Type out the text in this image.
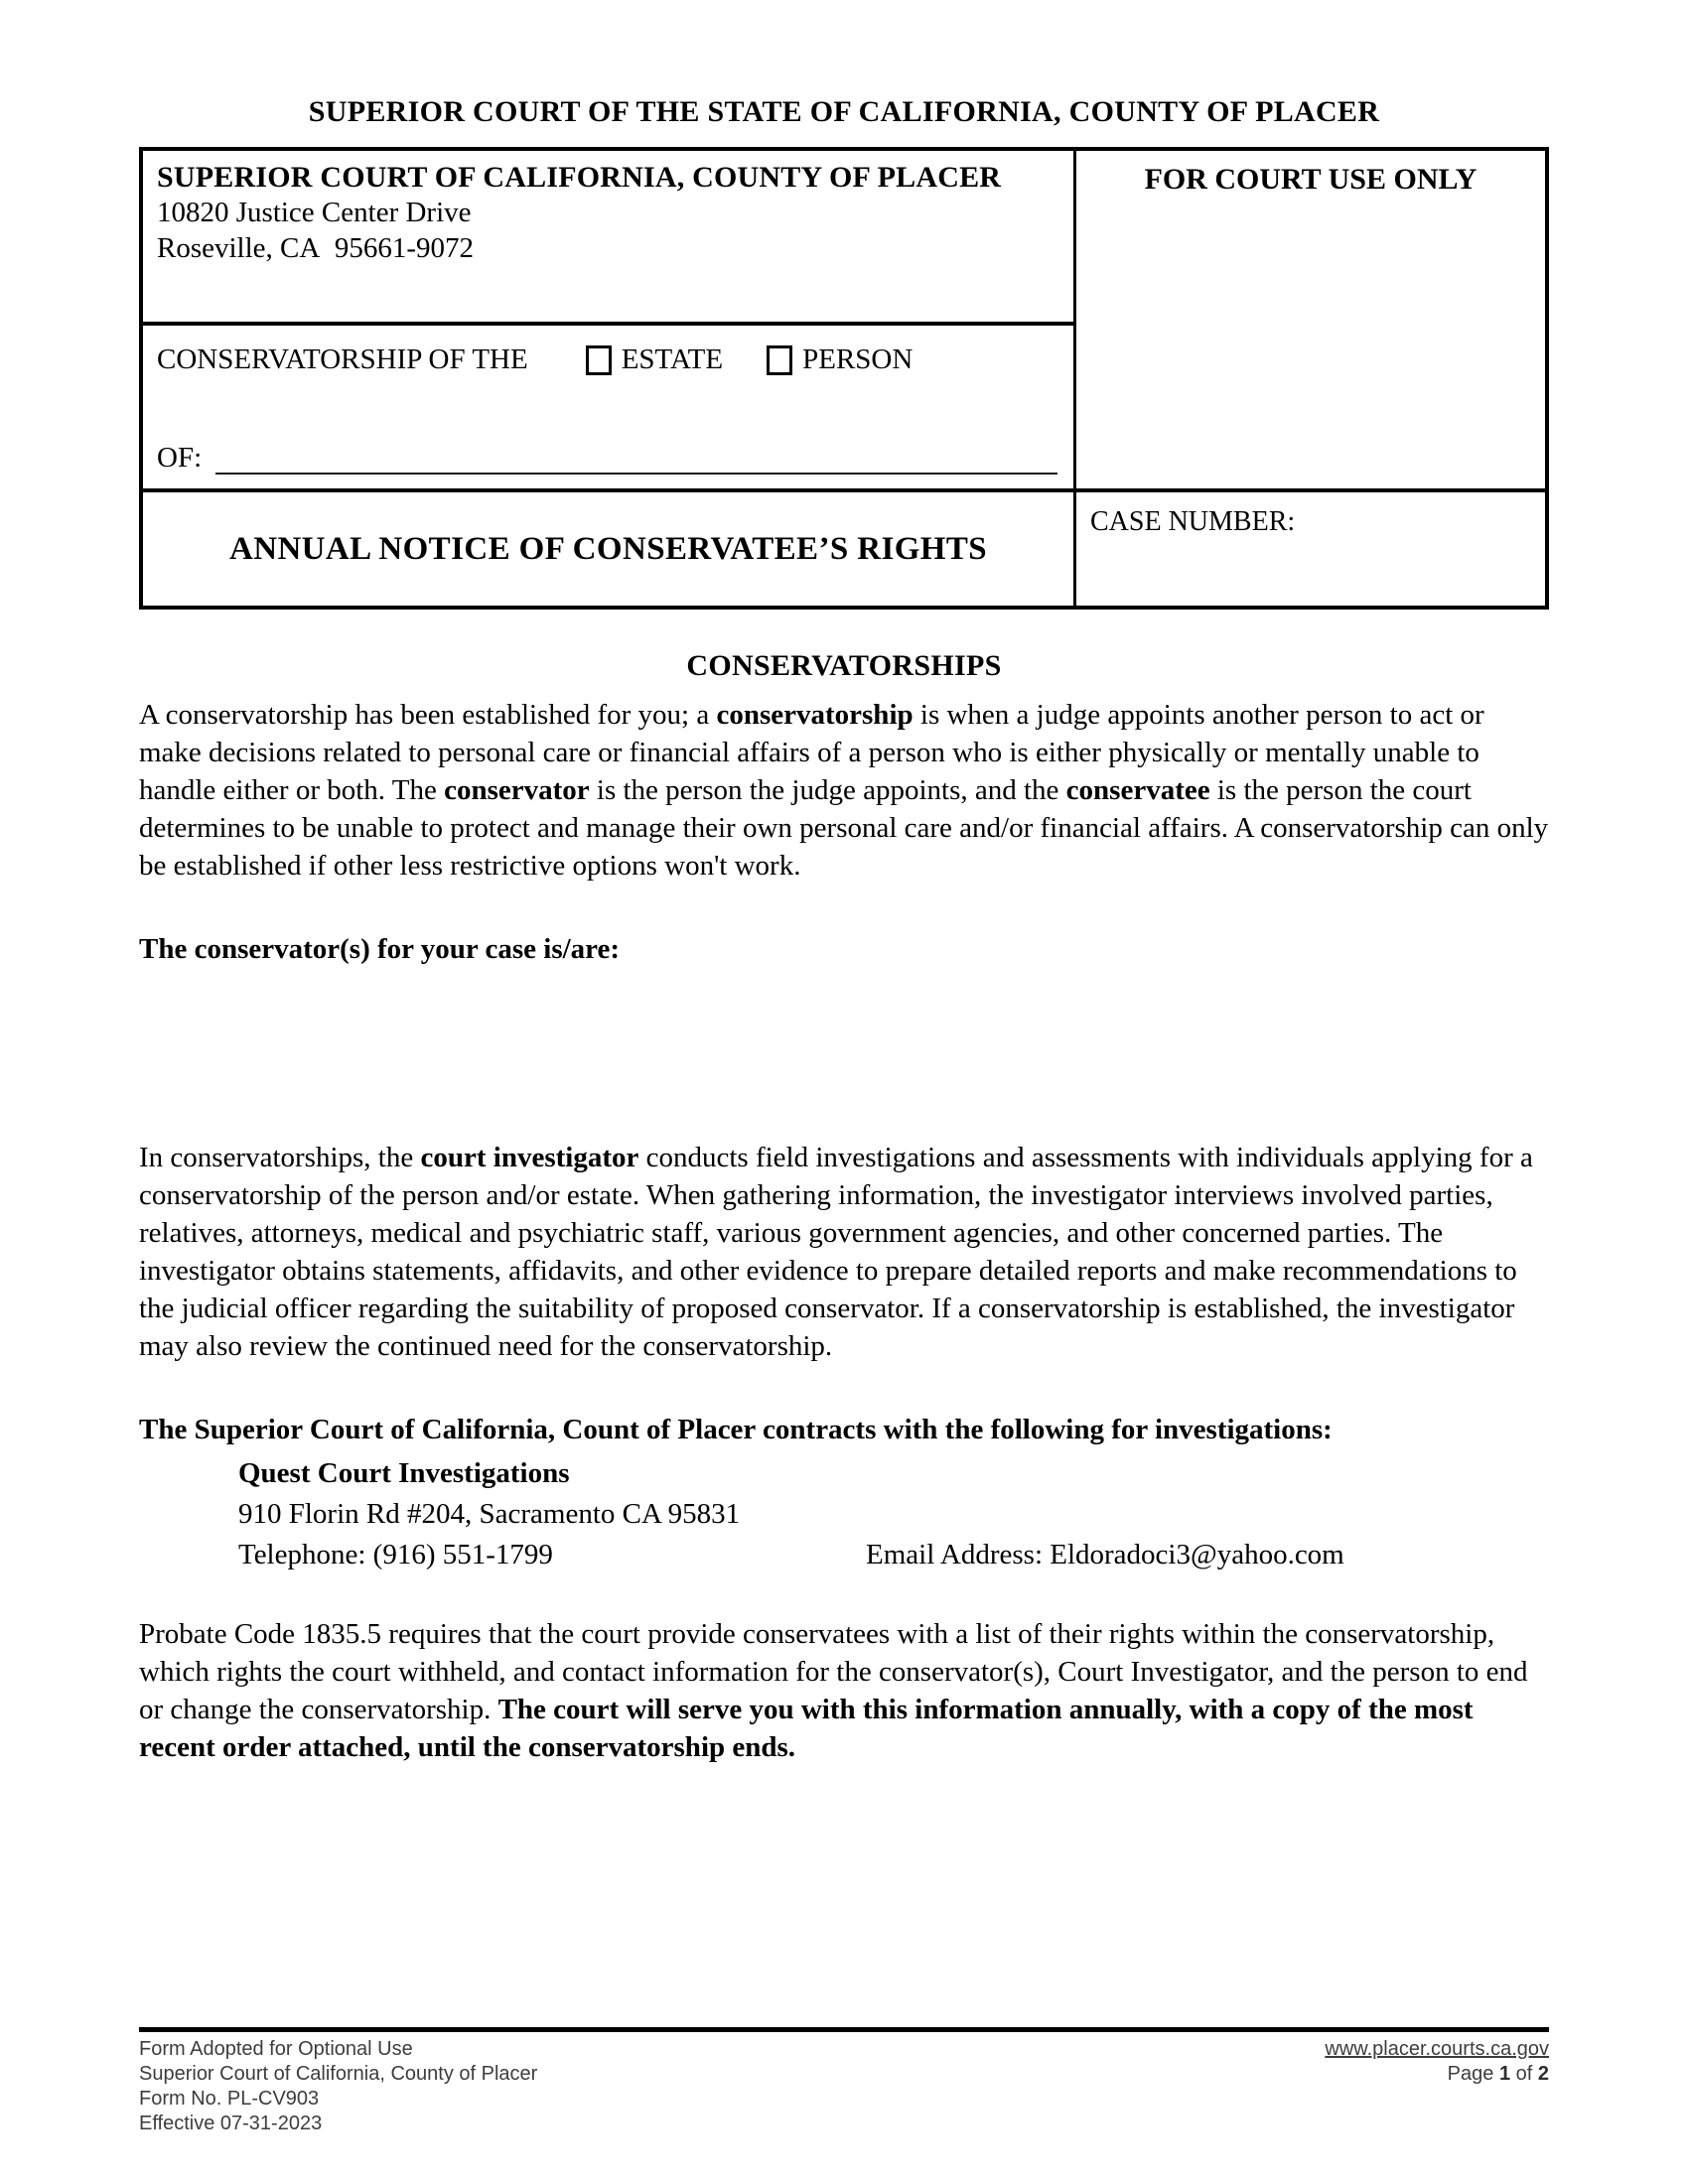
SUPERIOR COURT OF THE STATE OF CALIFORNIA, COUNTY OF PLACER
SUPERIOR COURT OF CALIFORNIA, COUNTY OF PLACER
10820 Justice Center Drive
Roseville, CA  95661-9072
CONSERVATORSHIP OF THE	ESTATE	PERSON
OF:
ANNUAL NOTICE OF CONSERVATEE’S RIGHTS
FOR COURT USE ONLY
CASE NUMBER:
CONSERVATORSHIPS
A conservatorship has been established for you; a conservatorship is when a judge appoints another person to act or make decisions related to personal care or financial affairs of a person who is either physically or mentally unable to handle either or both. The conservator is the person the judge appoints, and the conservatee is the person the court determines to be unable to protect and manage their own personal care and/or financial affairs. A conservatorship can only be established if other less restrictive options won't work.
The conservator(s) for your case is/are:
In conservatorships, the court investigator conducts field investigations and assessments with individuals applying for a conservatorship of the person and/or estate. When gathering information, the investigator interviews involved parties, relatives, attorneys, medical and psychiatric staff, various government agencies, and other concerned parties. The investigator obtains statements, affidavits, and other evidence to prepare detailed reports and make recommendations to the judicial officer regarding the suitability of proposed conservator. If a conservatorship is established, the investigator may also review the continued need for the conservatorship.
The Superior Court of California, Count of Placer contracts with the following for investigations:
Quest Court Investigations
910 Florin Rd #204, Sacramento CA 95831
Telephone: (916) 551-1799	Email Address: Eldoradoci3@yahoo.com
Probate Code 1835.5 requires that the court provide conservatees with a list of their rights within the conservatorship, which rights the court withheld, and contact information for the conservator(s), Court Investigator, and the person to end or change the conservatorship. The court will serve you with this information annually, with a copy of the most recent order attached, until the conservatorship ends.
Form Adopted for Optional Use
Superior Court of California, County of Placer
Form No. PL-CV903
Effective 07-31-2023
www.placer.courts.ca.gov
Page 1 of 2
